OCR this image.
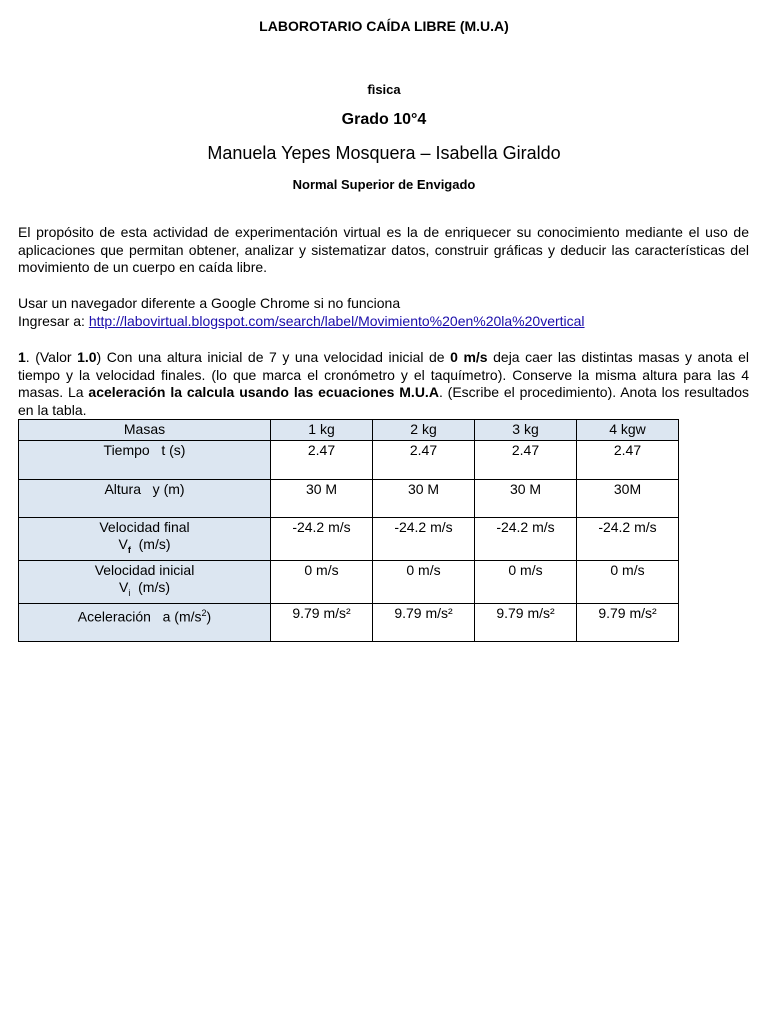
LABOROTARIO CAÍDA LIBRE (M.U.A)
fìsica
Grado 10°4
Manuela Yepes Mosquera – Isabella Giraldo
Normal Superior de Envigado
El propósito de esta actividad de experimentación virtual es la de enriquecer su conocimiento mediante el uso de aplicaciones que permitan obtener, analizar y sistematizar datos, construir gráficas y deducir las características del movimiento de un cuerpo en caída libre.
Usar un navegador diferente a Google Chrome si no funciona
Ingresar a: http://labovirtual.blogspot.com/search/label/Movimiento%20en%20la%20vertical
1. (Valor 1.0) Con una altura inicial de 7 y una velocidad inicial de 0 m/s deja caer las distintas masas y anota el tiempo y la velocidad finales. (lo que marca el cronómetro y el taquímetro). Conserve la misma altura para las 4 masas. La aceleración la calcula usando las ecuaciones M.U.A. (Escribe el procedimiento). Anota los resultados en la tabla.
Masas	1 kg	2 kg	3 kg	4 kgw
Tiempo   t (s)	2.47	2.47	2.47	2.47
Altura   y (m)	30 M	30 M	30 M	30M

Velocidad final
$V_f$  (m/s)	-24.2 m/s	-24.2 m/s	-24.2 m/s	-24.2 m/s

Velocidad inicial
$V_i$  (m/s)	0 m/s	0 m/s	0 m/s	0 m/s
Aceleración   a $(m/s^2)$	9.79 m/s²	9.79 m/s²	9.79 m/s²	9.79 m/s²
